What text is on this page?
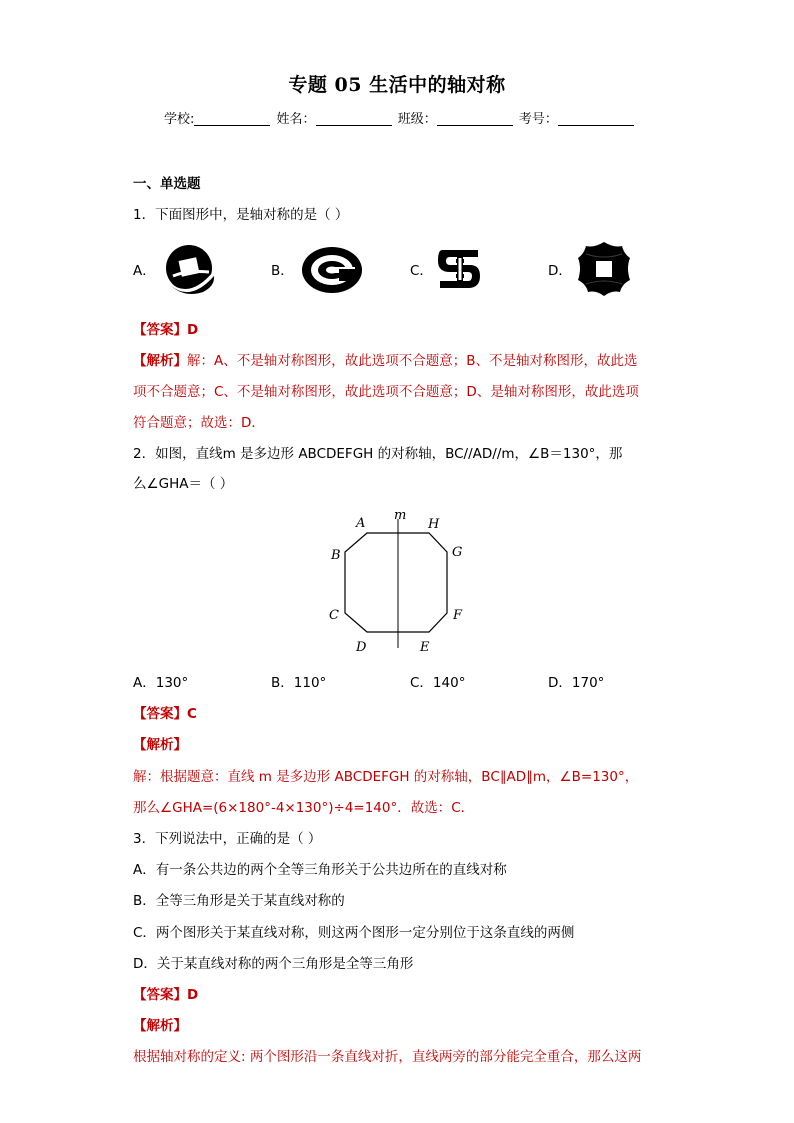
专题 05 生活中的轴对称
学校:	姓名：	班级：	考号：
一、单选题
1．下面图形中，是轴对称的是（ ）
A．	B．	C．	D．
【答案】D
【解析】解：A、不是轴对称图形，故此选项不合题意；B、不是轴对称图形，故此选
项不合题意；C、不是轴对称图形，故此选项不合题意；D、是轴对称图形，故此选项
符合题意；故选：D．
2．如图，直线m 是多边形 ABCDEFGH 的对称轴，BC//AD//m，∠B＝130°，那
么∠GHA＝（ ）
m
A	H
B	G
C	F
D	E
A．130°	B．110°	C．140°	D．170°
【答案】C
【解析】
解：根据题意：直线 m 是多边形 ABCDEFGH 的对称轴，BC∥AD∥m，∠B=130°，
那么∠GHA=(6×180°-4×130°)÷4=140°．故选：C．
3．下列说法中，正确的是（ ）
A．有一条公共边的两个全等三角形关于公共边所在的直线对称
B．全等三角形是关于某直线对称的
C．两个图形关于某直线对称，则这两个图形一定分别位于这条直线的两侧
D．关于某直线对称的两个三角形是全等三角形
【答案】D
【解析】
根据轴对称的定义: 两个图形沿一条直线对折，直线两旁的部分能完全重合，那么这两
